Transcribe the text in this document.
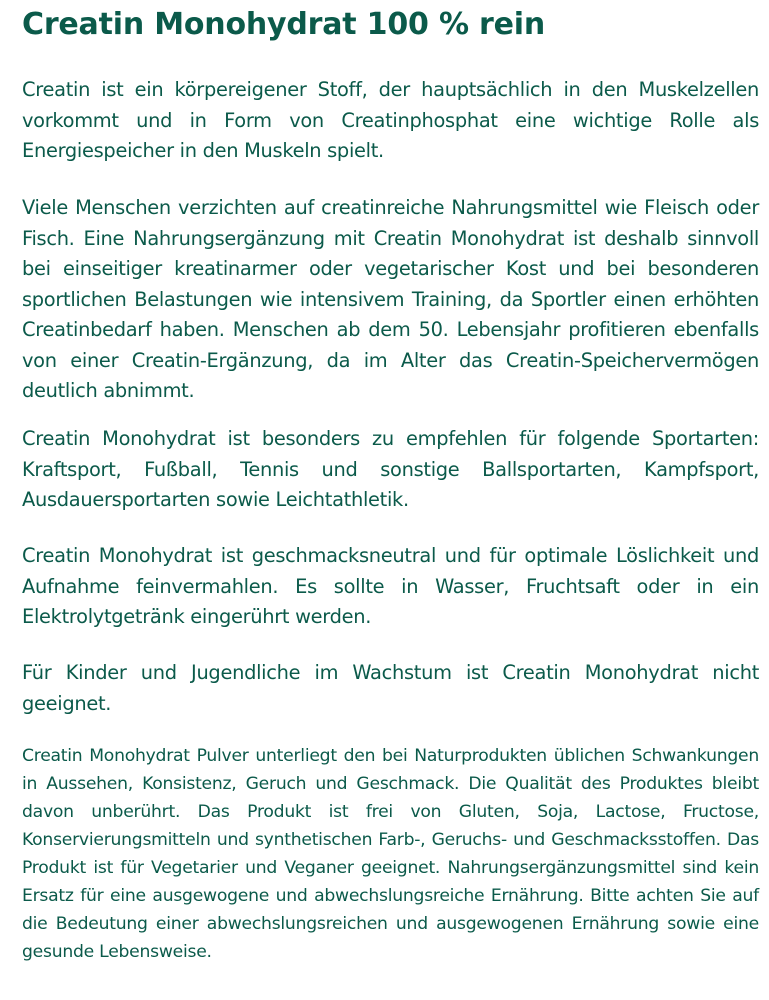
Creatin Monohydrat 100 % rein

Creatin ist ein körpereigener Stoff, der hauptsächlich in den Muskelzellen vorkommt und in Form von Creatinphosphat eine wichtige Rolle als Energiespeicher in den Muskeln spielt.

Viele Menschen verzichten auf creatinreiche Nahrungsmittel wie Fleisch oder Fisch. Eine Nahrungsergänzung mit Creatin Monohydrat ist deshalb sinnvoll bei einseitiger kreatinarmer oder vegetarischer Kost und bei besonderen sportlichen Belastungen wie intensivem Training, da Sportler einen erhöhten Creatinbedarf haben. Menschen ab dem 50. Lebensjahr profitieren ebenfalls von einer Creatin-Ergänzung, da im Alter das Creatin-Speichervermögen deutlich abnimmt.

Creatin Monohydrat ist besonders zu empfehlen für folgende Sportarten: Kraftsport, Fußball, Tennis und sonstige Ballsportarten, Kampfsport, Ausdauersportarten sowie Leichtathletik.

Creatin Monohydrat ist geschmacksneutral und für optimale Löslichkeit und Aufnahme feinvermahlen. Es sollte in Wasser, Fruchtsaft oder in ein Elektrolytgetränk eingerührt werden.

Für Kinder und Jugendliche im Wachstum ist Creatin Monohydrat nicht geeignet.

Creatin Monohydrat Pulver unterliegt den bei Naturprodukten üblichen Schwankungen in Aussehen, Konsistenz, Geruch und Geschmack. Die Qualität des Produktes bleibt davon unberührt. Das Produkt ist frei von Gluten, Soja, Lactose, Fructose, Konservierungsmitteln und synthetischen Farb-, Geruchs- und Geschmacksstoffen. Das Produkt ist für Vegetarier und Veganer geeignet. Nahrungsergänzungsmittel sind kein Ersatz für eine ausgewogene und abwechslungsreiche Ernährung. Bitte achten Sie auf die Bedeutung einer abwechslungsreichen und ausgewogenen Ernährung sowie eine gesunde Lebensweise.
